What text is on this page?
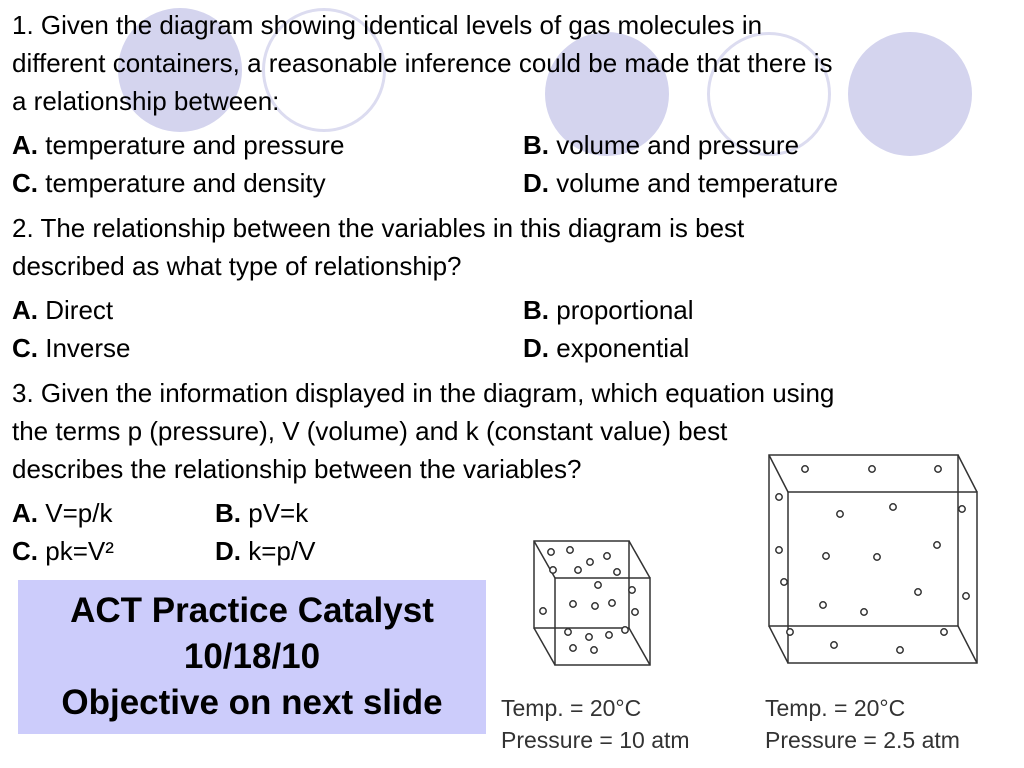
1. Given the diagram showing identical levels of gas molecules in
different containers, a reasonable inference could be made that there is
a relationship between:
A. temperature and pressure	B. volume and pressure
C. temperature and density	D. volume and temperature
2. The relationship between the variables in this diagram is best
described as what type of relationship?
A. Direct	B. proportional
C. Inverse	D. exponential
3. Given the information displayed in the diagram, which equation using
the terms p (pressure), V (volume) and k (constant value) best
describes the relationship between the variables?
A. V=p/k	B. pV=k
C. pk=V²	D. k=p/V
ACT Practice Catalyst
10/18/10
Objective on next slide	Temp. = 20°C
Pressure = 10 atm
Temp. = 20°C
Pressure = 2.5 atm
